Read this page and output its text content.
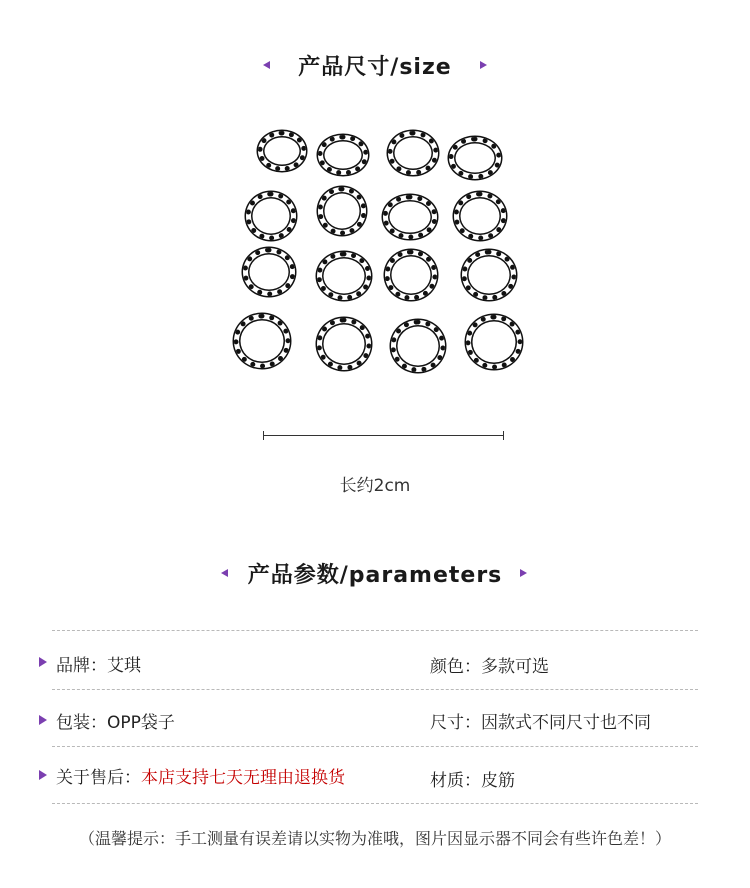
产品尺寸/size
长约2cm
产品参数/parameters
品牌：艾琪	颜色：多款可选
包装：OPP袋子	尺寸：因款式不同尺寸也不同
关于售后：本店支持七天无理由退换货	材质：皮筋
（温馨提示：手工测量有误差请以实物为准哦，图片因显示器不同会有些许色差！）
